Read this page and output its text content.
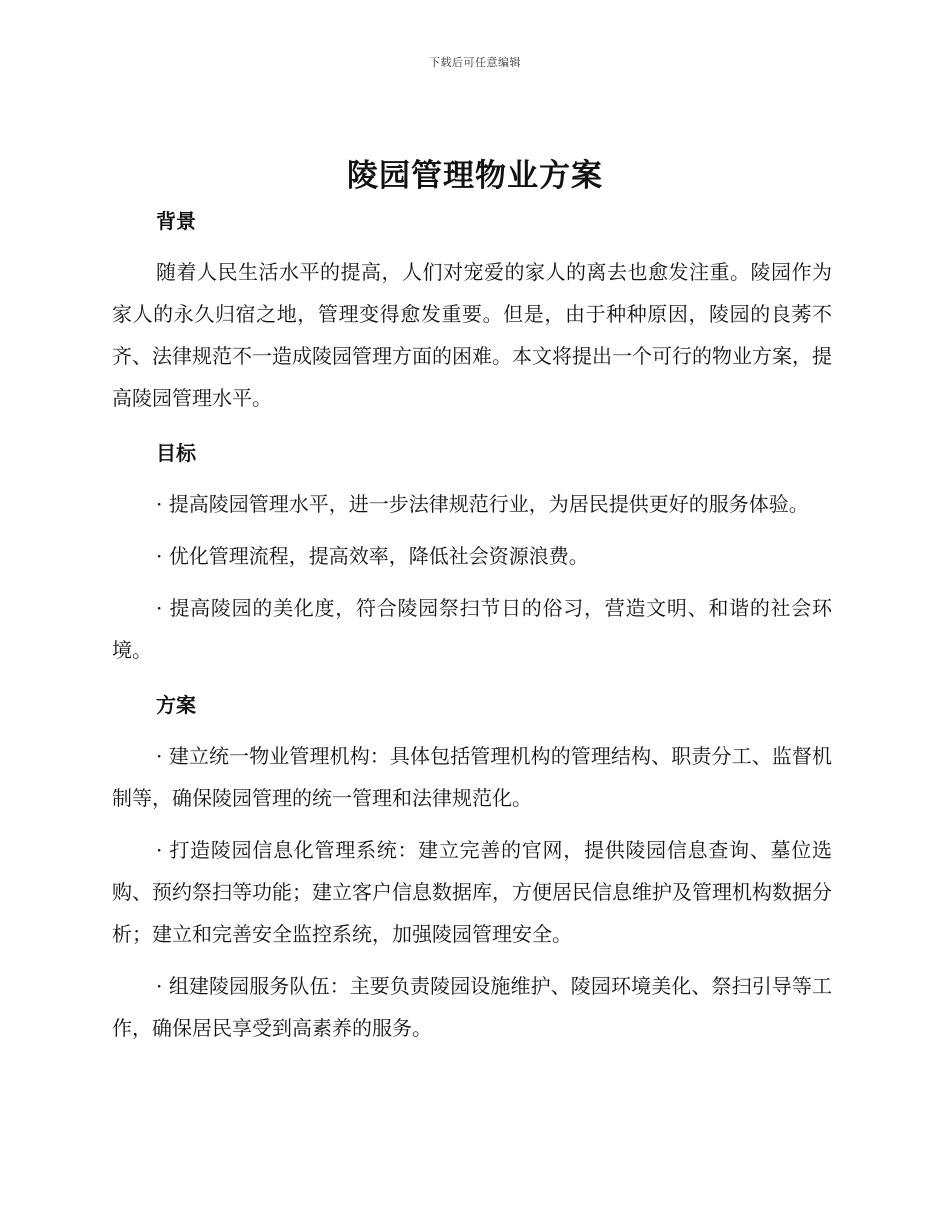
下载后可任意编辑
陵园管理物业方案

背景

随着人民生活水平的提高，人们对宠爱的家人的离去也愈发注重。陵园作为家人的永久归宿之地，管理变得愈发重要。但是，由于种种原因，陵园的良莠不齐、法律规范不一造成陵园管理方面的困难。本文将提出一个可行的物业方案，提高陵园管理水平。

目标

· 提高陵园管理水平，进一步法律规范行业，为居民提供更好的服务体验。

· 优化管理流程，提高效率，降低社会资源浪费。

· 提高陵园的美化度，符合陵园祭扫节日的俗习，营造文明、和谐的社会环境。

方案

· 建立统一物业管理机构：具体包括管理机构的管理结构、职责分工、监督机制等，确保陵园管理的统一管理和法律规范化。

· 打造陵园信息化管理系统：建立完善的官网，提供陵园信息查询、墓位选购、预约祭扫等功能；建立客户信息数据库，方便居民信息维护及管理机构数据分析；建立和完善安全监控系统，加强陵园管理安全。

· 组建陵园服务队伍：主要负责陵园设施维护、陵园环境美化、祭扫引导等工作，确保居民享受到高素养的服务。
